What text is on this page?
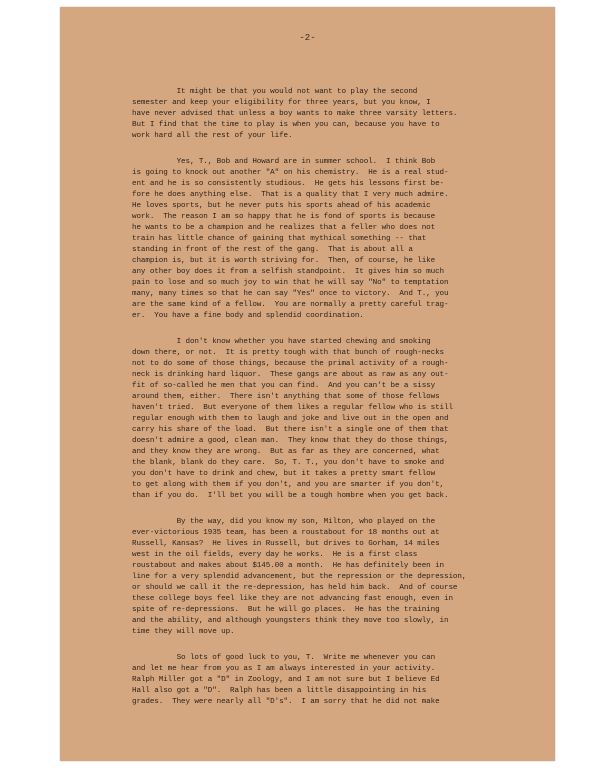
-2-
It might be that you would not want to play the second
semester and keep your eligibility for three years, but you know, I
have never advised that unless a boy wants to make three varsity letters.
But I find that the time to play is when you can, because you have to
work hard all the rest of your life.
Yes, T., Bob and Howard are in summer school.  I think Bob
is going to knock out another "A" on his chemistry.  He is a real stud-
ent and he is so consistently studious.  He gets his lessons first be-
fore he does anything else.  That is a quality that I very much admire.
He loves sports, but he never puts his sports ahead of his academic
work.  The reason I am so happy that he is fond of sports is because
he wants to be a champion and he realizes that a feller who does not
train has little chance of gaining that mythical something -- that
standing in front of the rest of the gang.  That is about all a
champion is, but it is worth striving for.  Then, of course, he like
any other boy does it from a selfish standpoint.  It gives him so much
pain to lose and so much joy to win that he will say "No" to temptation
many, many times so that he can say "Yes" once to victory.  And T., you
are the same kind of a fellow.  You are normally a pretty careful trag-
er.  You have a fine body and splendid coordination.
I don't know whether you have started chewing and smoking
down there, or not.  It is pretty tough with that bunch of rough-necks
not to do some of those things, because the primal activity of a rough-
neck is drinking hard liquor.  These gangs are about as raw as any out-
fit of so-called he men that you can find.  And you can't be a sissy
around them, either.  There isn't anything that some of those fellows
haven't tried.  But everyone of them likes a regular fellow who is still
regular enough with them to laugh and joke and live out in the open and
carry his share of the load.  But there isn't a single one of them that
doesn't admire a good, clean man.  They know that they do those things,
and they know they are wrong.  But as far as they are concerned, what
the blank, blank do they care.  So, T. T., you don't have to smoke and
you don't have to drink and chew, but it takes a pretty smart fellow
to get along with them if you don't, and you are smarter if you don't,
than if you do.  I'll bet you will be a tough hombre when you get back.
By the way, did you know my son, Milton, who played on the
ever-victorious 1935 team, has been a roustabout for 18 months out at
Russell, Kansas?  He lives in Russell, but drives to Gorham, 14 miles
west in the oil fields, every day he works.  He is a first class
roustabout and makes about $145.00 a month.  He has definitely been in
line for a very splendid advancement, but the repression or the depression,
or should we call it the re-depression, has held him back.  And of course
these college boys feel like they are not advancing fast enough, even in
spite of re-depressions.  But he will go places.  He has the training
and the ability, and although youngsters think they move too slowly, in
time they will move up.
So lots of good luck to you, T.  Write me whenever you can
and let me hear from you as I am always interested in your activity.
Ralph Miller got a "D" in Zoology, and I am not sure but I believe Ed
Hall also got a "D".  Ralph has been a little disappointing in his
grades.  They were nearly all "D's".  I am sorry that he did not make
